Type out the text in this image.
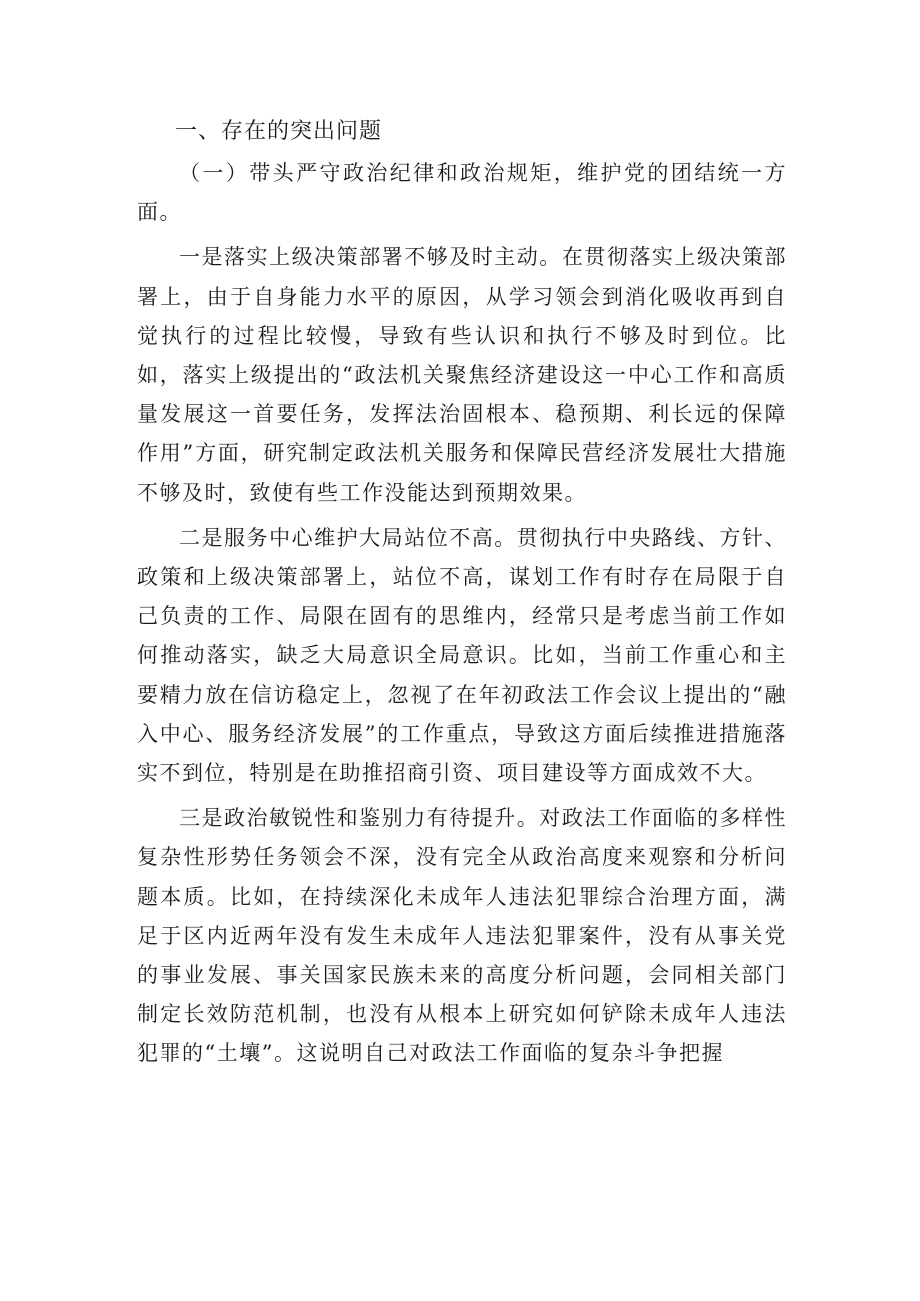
一、存在的突出问题

（一）带头严守政治纪律和政治规矩，维护党的团结统一方面。

一是落实上级决策部署不够及时主动。在贯彻落实上级决策部署上，由于自身能力水平的原因，从学习领会到消化吸收再到自觉执行的过程比较慢，导致有些认识和执行不够及时到位。比如，落实上级提出的“政法机关聚焦经济建设这一中心工作和高质量发展这一首要任务，发挥法治固根本、稳预期、利长远的保障作用”方面，研究制定政法机关服务和保障民营经济发展壮大措施不够及时，致使有些工作没能达到预期效果。

二是服务中心维护大局站位不高。贯彻执行中央路线、方针、政策和上级决策部署上，站位不高，谋划工作有时存在局限于自己负责的工作、局限在固有的思维内，经常只是考虑当前工作如何推动落实，缺乏大局意识全局意识。比如，当前工作重心和主要精力放在信访稳定上，忽视了在年初政法工作会议上提出的“融入中心、服务经济发展”的工作重点，导致这方面后续推进措施落实不到位，特别是在助推招商引资、项目建设等方面成效不大。

三是政治敏锐性和鉴别力有待提升。对政法工作面临的多样性复杂性形势任务领会不深，没有完全从政治高度来观察和分析问题本质。比如，在持续深化未成年人违法犯罪综合治理方面，满足于区内近两年没有发生未成年人违法犯罪案件，没有从事关党的事业发展、事关国家民族未来的高度分析问题，会同相关部门制定长效防范机制，也没有从根本上研究如何铲除未成年人违法犯罪的“土壤”。这说明自己对政法工作面临的复杂斗争把握
